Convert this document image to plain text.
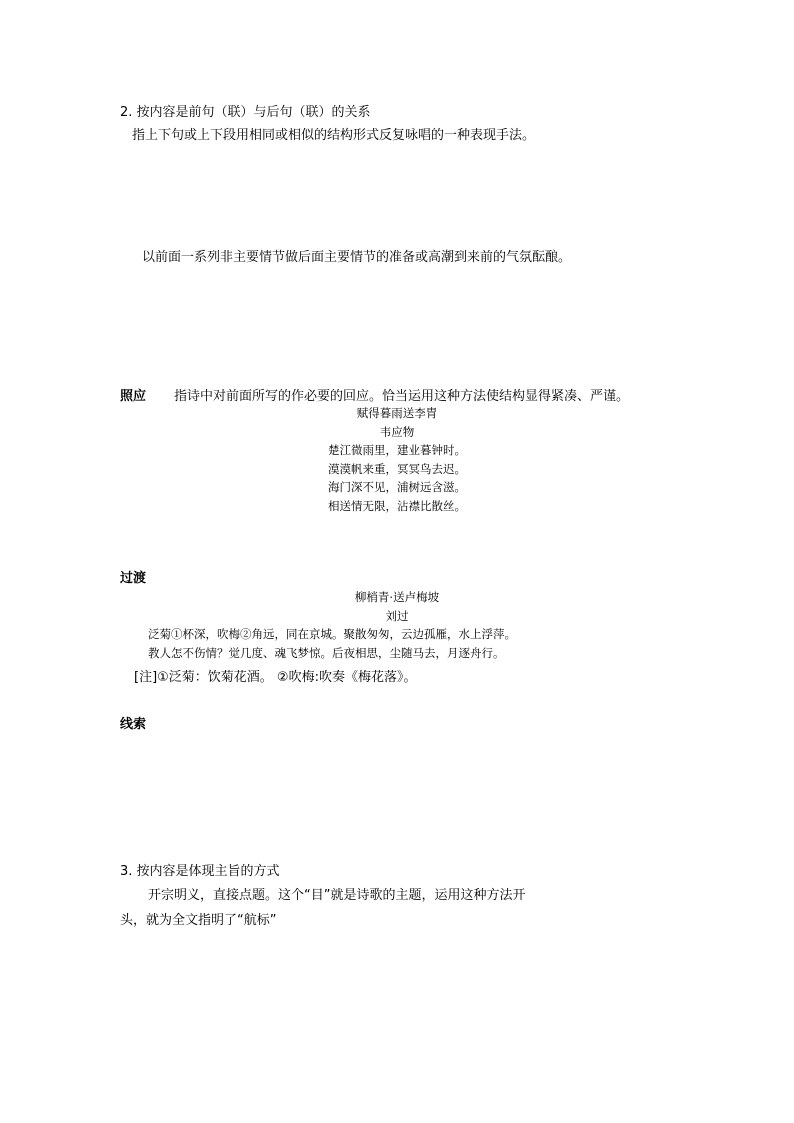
2. 按内容是前句（联）与后句（联）的关系
指上下句或上下段用相同或相似的结构形式反复咏唱的一种表现手法。
以前面一系列非主要情节做后面主要情节的准备或高潮到来前的气氛酝酿。
照应 指诗中对前面所写的作必要的回应。恰当运用这种方法使结构显得紧凑、严谨。
赋得暮雨送李胄
韦应物
楚江微雨里，建业暮钟时。
漠漠帆来重，冥冥鸟去迟。
海门深不见，浦树远含滋。
相送情无限，沾襟比散丝。
过渡
柳梢青·送卢梅坡
刘过
泛菊①杯深，吹梅②角远，同在京城。聚散匆匆，云边孤雁，水上浮萍。
教人怎不伤情？觉几度、魂飞梦惊。后夜相思，尘随马去，月逐舟行。
[注]①泛菊：饮菊花酒。 ②吹梅:吹奏《梅花落》。
线索
3. 按内容是体现主旨的方式
开宗明义，直接点题。这个“目”就是诗歌的主题，运用这种方法开
头，就为全文指明了“航标”
